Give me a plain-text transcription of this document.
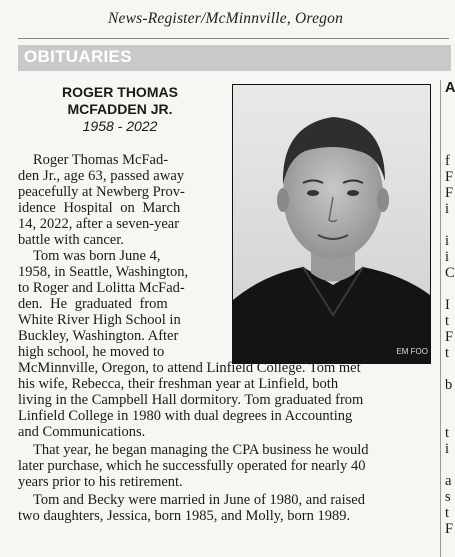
News-Register/McMinnville, Oregon
OBITUARIES
ROGER THOMAS
MCFADDEN JR.
1958 - 2022
EM FOO
Roger Thomas McFad-
den Jr., age 63, passed away
peacefully at Newberg Prov-
idence Hospital on March
14, 2022, after a seven-year
battle with cancer.
Tom was born June 4,
1958, in Seattle, Washington,
to Roger and Lolitta McFad-
den. He graduated from
White River High School in
Buckley, Washington. After
high school, he moved to
McMinnville, Oregon, to attend Linfield College. Tom met
his wife, Rebecca, their freshman year at Linfield, both
living in the Campbell Hall dormitory. Tom graduated from
Linfield College in 1980 with dual degrees in Accounting
and Communications.
That year, he began managing the CPA business he would
later purchase, which he successfully operated for nearly 40
years prior to his retirement.
Tom and Becky were married in June of 1980, and raised
two daughters, Jessica, born 1985, and Molly, born 1989.
A
f
F
F
i
i
i
C
I
t
F
t
b
t
i
a
s
t
F
